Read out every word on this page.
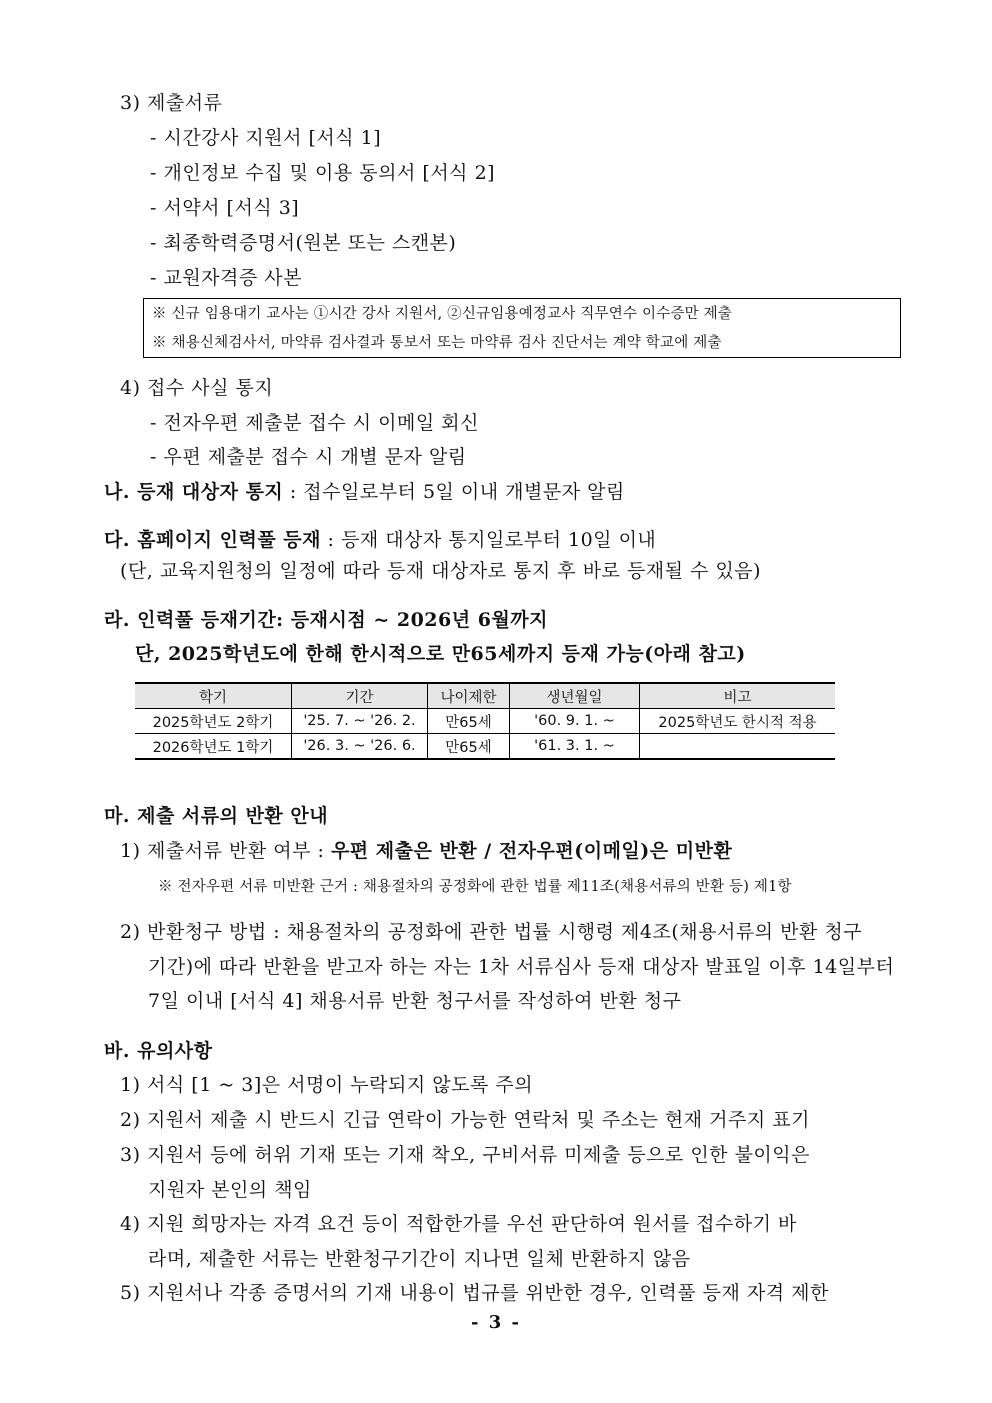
3) 제출서류
- 시간강사 지원서 [서식 1]
- 개인정보 수집 및 이용 동의서 [서식 2]
- 서약서 [서식 3]
- 최종학력증명서(원본 또는 스캔본)
- 교원자격증 사본
※ 신규 임용대기 교사는 ①시간 강사 지원서, ②신규임용예정교사 직무연수 이수증만 제출
※ 채용신체검사서, 마약류 검사결과 통보서 또는 마약류 검사 진단서는 계약 학교에 제출
4) 접수 사실 통지
- 전자우편 제출분 접수 시 이메일 회신
- 우편 제출분 접수 시 개별 문자 알림
나. 등재 대상자 통지 : 접수일로부터 5일 이내 개별문자 알림
다. 홈페이지 인력풀 등재 : 등재 대상자 통지일로부터 10일 이내
(단, 교육지원청의 일정에 따라 등재 대상자로 통지 후 바로 등재될 수 있음)
라. 인력풀 등재기간: 등재시점 ~ 2026년 6월까지
단, 2025학년도에 한해 한시적으로 만65세까지 등재 가능(아래 참고)
학기	기간	나이제한	생년월일	비고
2025학년도 2학기	'25. 7. ~ '26. 2.	만65세	'60. 9. 1. ~	2025학년도 한시적 적용
2026학년도 1학기	'26. 3. ~ '26. 6.	만65세	'61. 3. 1. ~	
마. 제출 서류의 반환 안내
1) 제출서류 반환 여부 : 우편 제출은 반환 / 전자우편(이메일)은 미반환
※ 전자우편 서류 미반환 근거 : 채용절차의 공정화에 관한 법률 제11조(채용서류의 반환 등) 제1항
2) 반환청구 방법 : 채용절차의 공정화에 관한 법률 시행령 제4조(채용서류의 반환 청구
기간)에 따라 반환을 받고자 하는 자는 1차 서류심사 등재 대상자 발표일 이후 14일부터
7일 이내 [서식 4] 채용서류 반환 청구서를 작성하여 반환 청구
바. 유의사항
1) 서식 [1 ~ 3]은 서명이 누락되지 않도록 주의
2) 지원서 제출 시 반드시 긴급 연락이 가능한 연락처 및 주소는 현재 거주지 표기
3) 지원서 등에 허위 기재 또는 기재 착오, 구비서류 미제출 등으로 인한 불이익은
지원자 본인의 책임
4) 지원 희망자는 자격 요건 등이 적합한가를 우선 판단하여 원서를 접수하기 바
라며, 제출한 서류는 반환청구기간이 지나면 일체 반환하지 않음
5) 지원서나 각종 증명서의 기재 내용이 법규를 위반한 경우, 인력풀 등재 자격 제한
- 3 -
